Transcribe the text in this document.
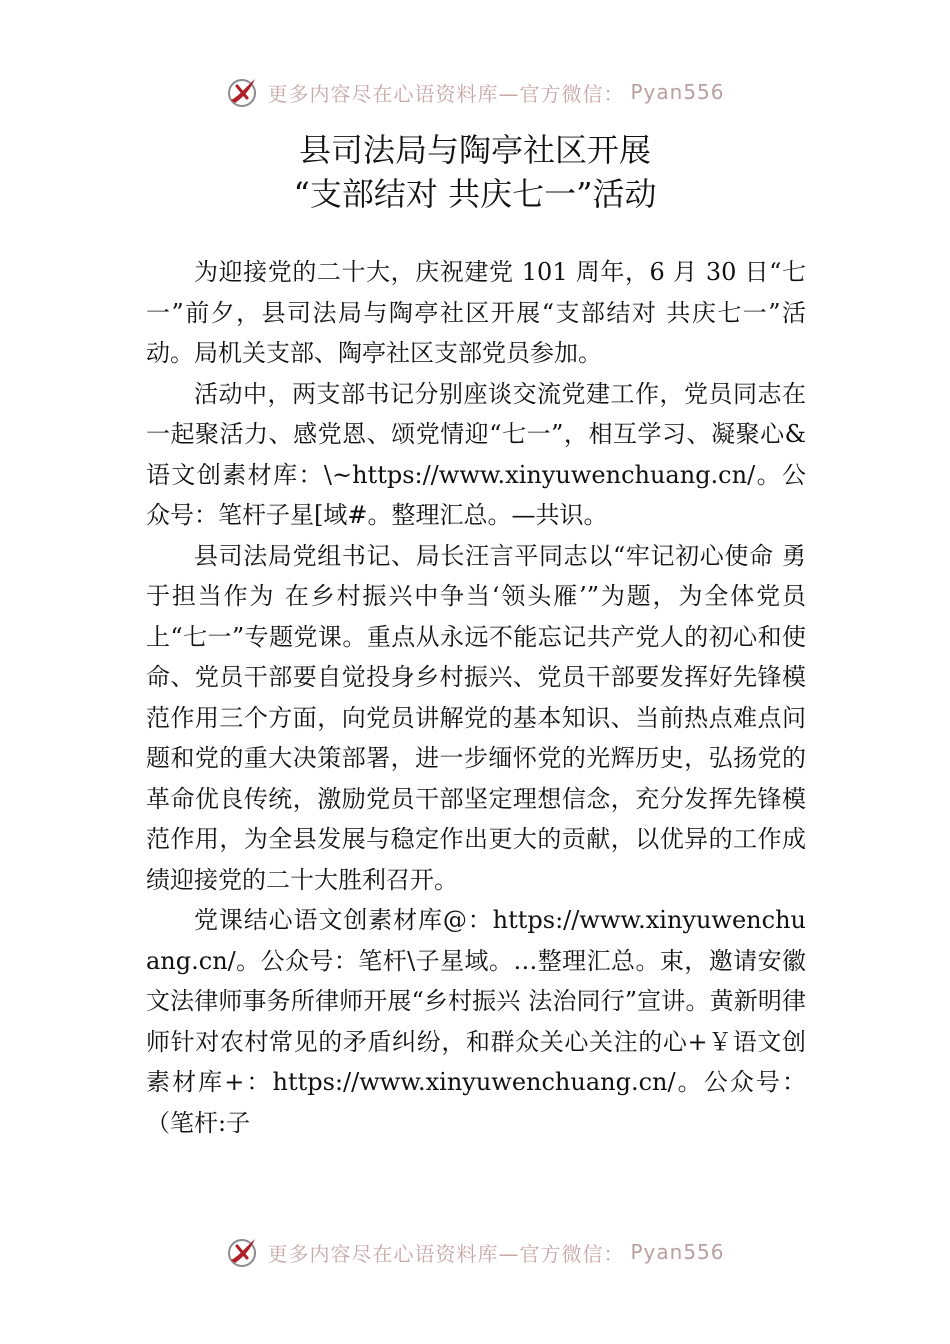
更多内容尽在心语资料库—官方微信： Pyan556
县司法局与陶亭社区开展
“支部结对 共庆七一”活动

为迎接党的二十大，庆祝建党 101 周年，6 月 30 日“七一”前夕，县司法局与陶亭社区开展“支部结对 共庆七一”活动。局机关支部、陶亭社区支部党员参加。

活动中，两支部书记分别座谈交流党建工作，党员同志在一起聚活力、感党恩、颂党情迎“七一”，相互学习、凝聚心&语文创素材库：\~https://www.xinyuwenchuang.cn/。公众号：笔杆子星[域#。整理汇总。—共识。

县司法局党组书记、局长汪言平同志以“牢记初心使命 勇于担当作为 在乡村振兴中争当‘领头雁’”为题，为全体党员上“七一”专题党课。重点从永远不能忘记共产党人的初心和使命、党员干部要自觉投身乡村振兴、党员干部要发挥好先锋模范作用三个方面，向党员讲解党的基本知识、当前热点难点问题和党的重大决策部署，进一步缅怀党的光辉历史，弘扬党的革命优良传统，激励党员干部坚定理想信念，充分发挥先锋模范作用，为全县发展与稳定作出更大的贡献，以优异的工作成绩迎接党的二十大胜利召开。

党课结心语文创素材库@：https://www.xinyuwenchuang.cn/。公众号：笔杆\子星域。…整理汇总。束，邀请安徽文法律师事务所律师开展“乡村振兴 法治同行”宣讲。黄新明律师针对农村常见的矛盾纠纷，和群众关心关注的心+￥语文创素材库+：https://www.xinyuwenchuang.cn/。公众号：（笔杆:子

更多内容尽在心语资料库—官方微信： Pyan556
